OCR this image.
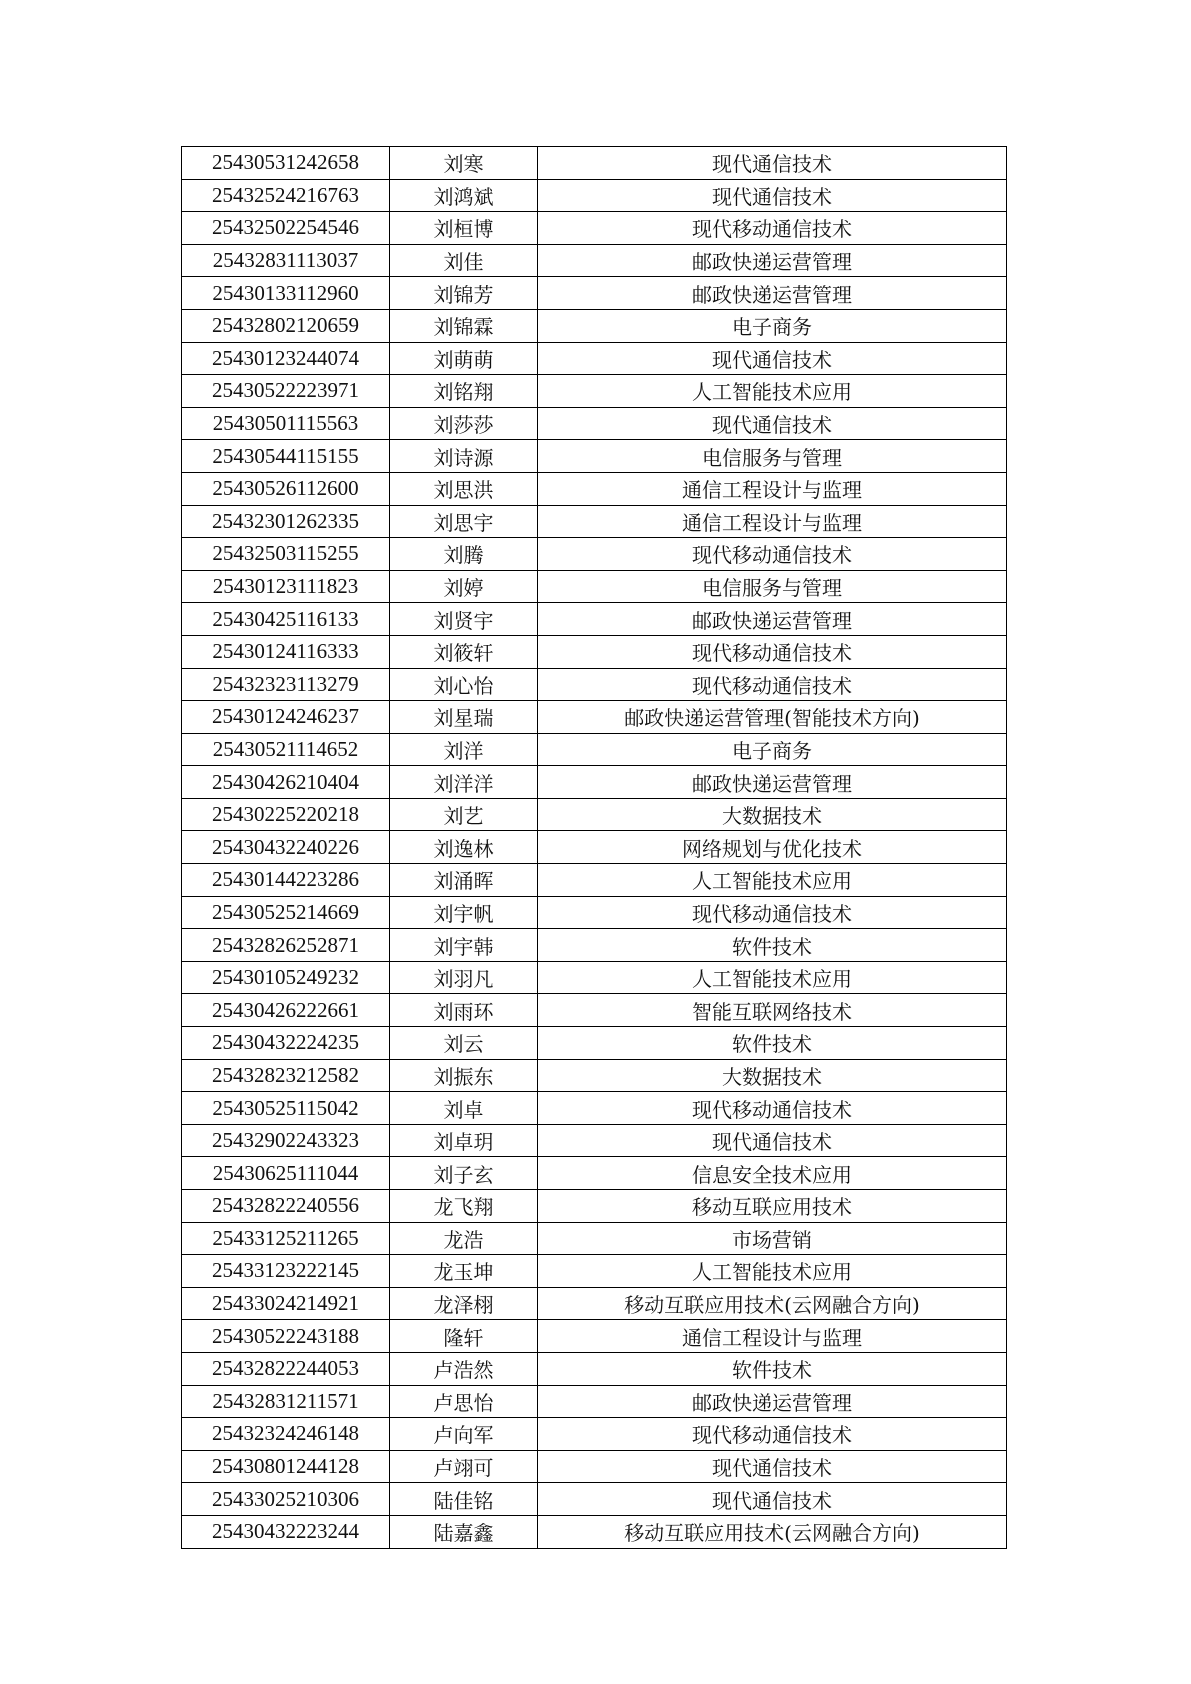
25430531242658	刘寒	现代通信技术
25432524216763	刘鸿斌	现代通信技术
25432502254546	刘桓博	现代移动通信技术
25432831113037	刘佳	邮政快递运营管理
25430133112960	刘锦芳	邮政快递运营管理
25432802120659	刘锦霖	电子商务
25430123244074	刘萌萌	现代通信技术
25430522223971	刘铭翔	人工智能技术应用
25430501115563	刘莎莎	现代通信技术
25430544115155	刘诗源	电信服务与管理
25430526112600	刘思洪	通信工程设计与监理
25432301262335	刘思宇	通信工程设计与监理
25432503115255	刘腾	现代移动通信技术
25430123111823	刘婷	电信服务与管理
25430425116133	刘贤宇	邮政快递运营管理
25430124116333	刘筱轩	现代移动通信技术
25432323113279	刘心怡	现代移动通信技术
25430124246237	刘星瑞	邮政快递运营管理(智能技术方向)
25430521114652	刘洋	电子商务
25430426210404	刘洋洋	邮政快递运营管理
25430225220218	刘艺	大数据技术
25430432240226	刘逸林	网络规划与优化技术
25430144223286	刘涌晖	人工智能技术应用
25430525214669	刘宇帆	现代移动通信技术
25432826252871	刘宇韩	软件技术
25430105249232	刘羽凡	人工智能技术应用
25430426222661	刘雨环	智能互联网络技术
25430432224235	刘云	软件技术
25432823212582	刘振东	大数据技术
25430525115042	刘卓	现代移动通信技术
25432902243323	刘卓玥	现代通信技术
25430625111044	刘子玄	信息安全技术应用
25432822240556	龙飞翔	移动互联应用技术
25433125211265	龙浩	市场营销
25433123222145	龙玉坤	人工智能技术应用
25433024214921	龙泽栩	移动互联应用技术(云网融合方向)
25430522243188	隆轩	通信工程设计与监理
25432822244053	卢浩然	软件技术
25432831211571	卢思怡	邮政快递运营管理
25432324246148	卢向军	现代移动通信技术
25430801244128	卢翊可	现代通信技术
25433025210306	陆佳铭	现代通信技术
25430432223244	陆嘉鑫	移动互联应用技术(云网融合方向)
